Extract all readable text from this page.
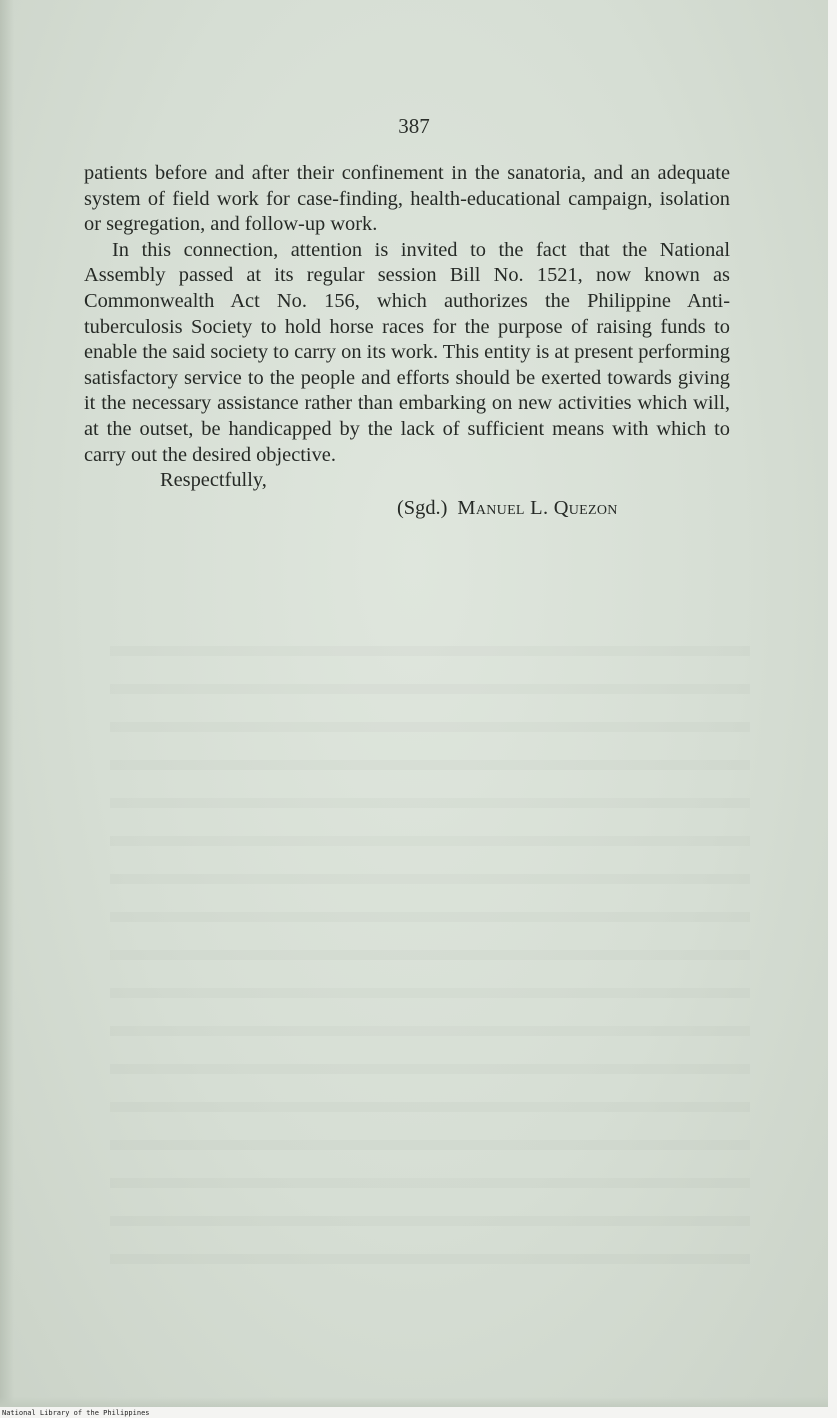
387

patients before and after their confinement in the sanatoria, and an adequate system of field work for case-finding, health-educational campaign, isolation or segregation, and follow-up work.

In this connection, attention is invited to the fact that the National Assembly passed at its regular session Bill No. 1521, now known as Commonwealth Act No. 156, which authorizes the Philippine Anti-tuberculosis Society to hold horse races for the purpose of raising funds to enable the said society to carry on its work. This entity is at present performing satisfactory service to the people and efforts should be exerted towards giving it the necessary assistance rather than embarking on new activities which will, at the outset, be handicapped by the lack of sufficient means with which to carry out the desired objective.

Respectfully,

(Sgd.) Manuel L. Quezon

National Library of the Philippines
